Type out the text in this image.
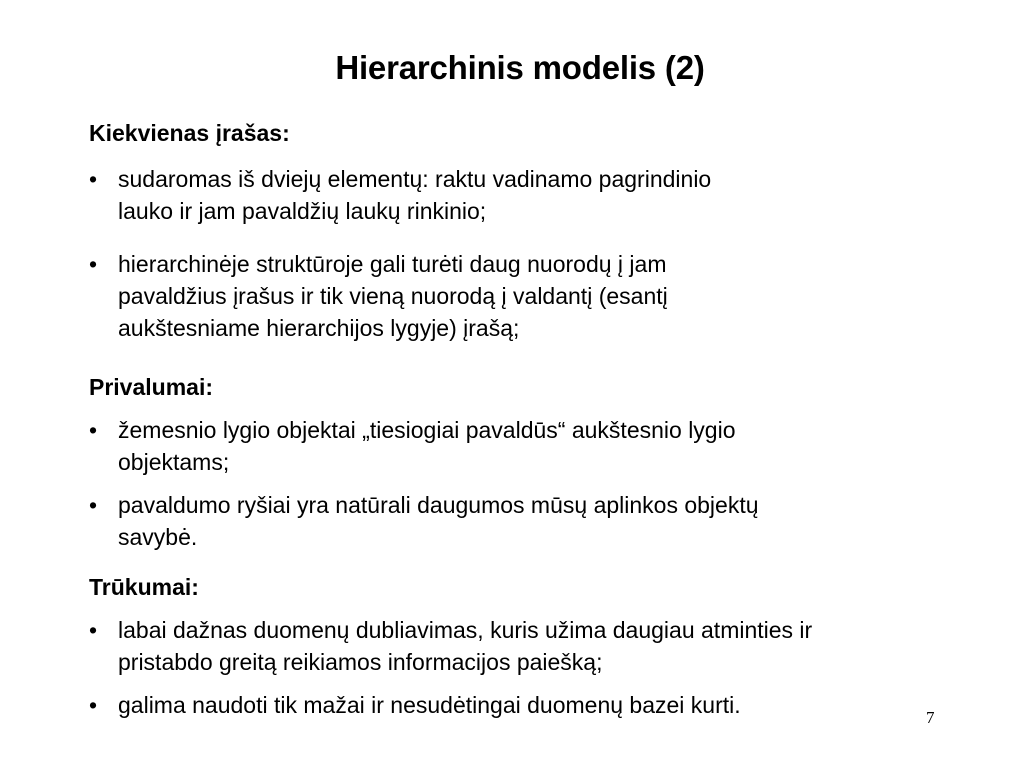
Hierarchinis modelis (2)
Kiekvienas įrašas:
• sudaromas iš dviejų elementų: raktu vadinamo pagrindinio
lauko ir jam pavaldžių laukų rinkinio;
• hierarchinėje struktūroje gali turėti daug nuorodų į jam
pavaldžius įrašus ir tik vieną nuorodą į valdantį (esantį
aukštesniame hierarchijos lygyje) įrašą;
Privalumai:
• žemesnio lygio objektai „tiesiogiai pavaldūs“ aukštesnio lygio
objektams;
• pavaldumo ryšiai yra natūrali daugumos mūsų aplinkos objektų
savybė.
Trūkumai:
• labai dažnas duomenų dubliavimas, kuris užima daugiau atminties ir
pristabdo greitą reikiamos informacijos paiešką;
• galima naudoti tik mažai ir nesudėtingai duomenų bazei kurti.	7
